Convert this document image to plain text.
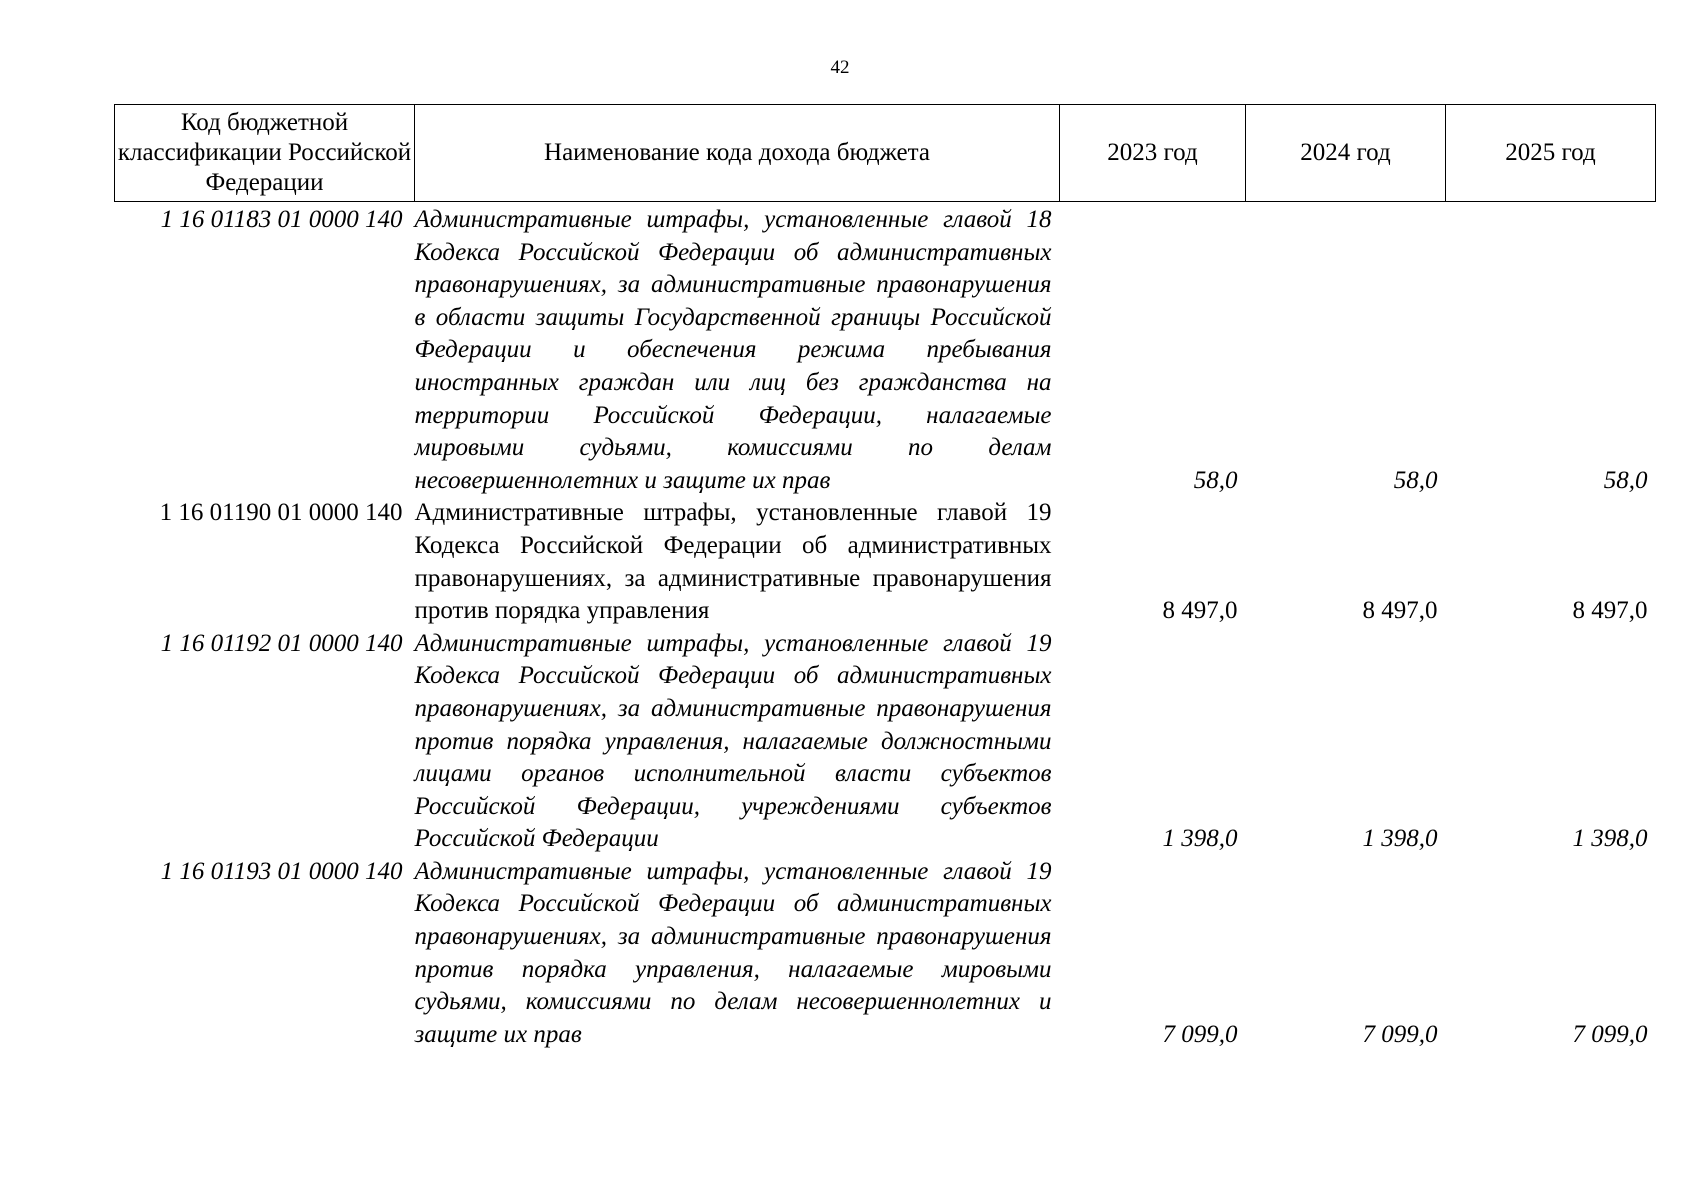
42
Код бюджетной классификации Российской Федерации	Наименование кода дохода бюджета	2023 год	2024 год	2025 год
1 16 01183 01 0000 140	Административные штрафы, установленные главой 18 Кодекса Российской Федерации об административных правонарушениях, за административные правонарушения в области защиты Государственной границы Российской Федерации и обеспечения режима пребывания иностранных граждан или лиц без гражданства на территории Российской Федерации, налагаемые мировыми судьями, комиссиями по делам несовершеннолетних и защите их прав	58,0	58,0	58,0
1 16 01190 01 0000 140	Административные штрафы, установленные главой 19 Кодекса Российской Федерации об административных правонарушениях, за административные правонарушения против порядка управления	8 497,0	8 497,0	8 497,0
1 16 01192 01 0000 140	Административные штрафы, установленные главой 19 Кодекса Российской Федерации об административных правонарушениях, за административные правонарушения против порядка управления, налагаемые должностными лицами органов исполнительной власти субъектов Российской Федерации, учреждениями субъектов Российской Федерации	1 398,0	1 398,0	1 398,0
1 16 01193 01 0000 140	Административные штрафы, установленные главой 19 Кодекса Российской Федерации об административных правонарушениях, за административные правонарушения против порядка управления, налагаемые мировыми судьями, комиссиями по делам несовершеннолетних и защите их прав	7 099,0	7 099,0	7 099,0
